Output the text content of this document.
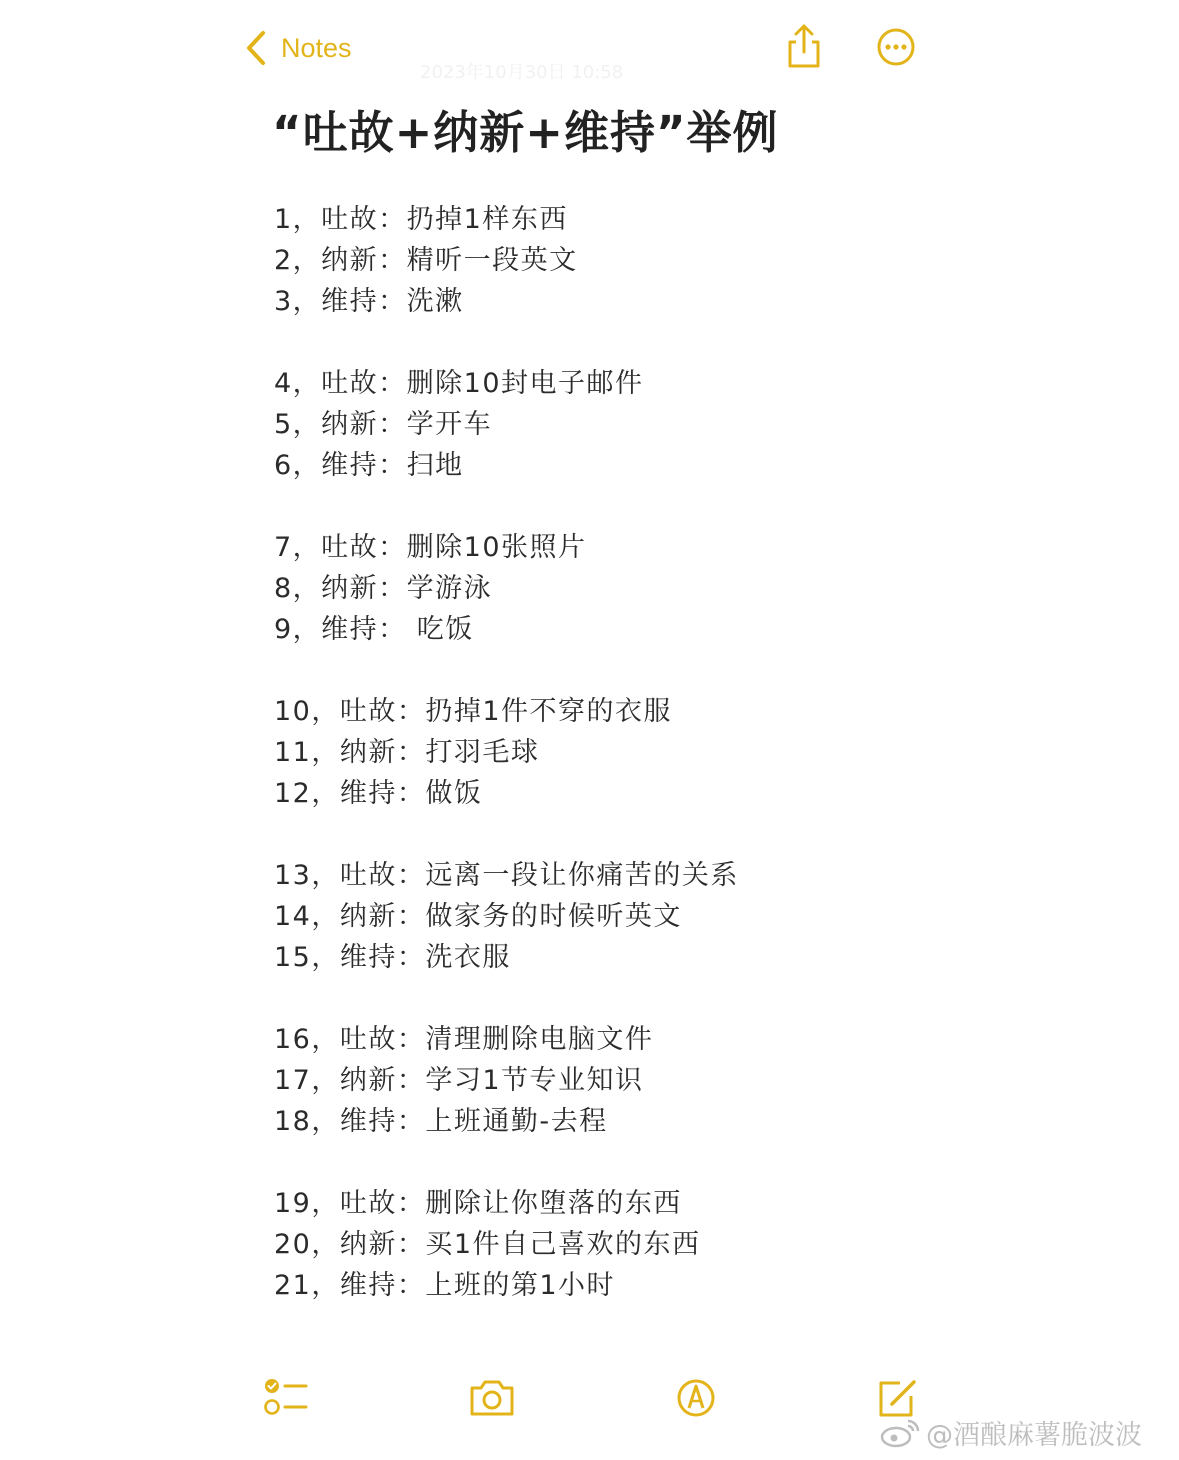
Notes
2023年10月30日 10:58
“吐故+纳新+维持”举例
1，吐故：扔掉1样东西
2，纳新：精听一段英文
3，维持：洗漱
4，吐故：删除10封电子邮件
5，纳新：学开车
6，维持：扫地
7，吐故：删除10张照片
8，纳新：学游泳
9，维持： 吃饭
10，吐故：扔掉1件不穿的衣服
11，纳新：打羽毛球
12，维持：做饭
13，吐故：远离一段让你痛苦的关系
14，纳新：做家务的时候听英文
15，维持：洗衣服
16，吐故：清理删除电脑文件
17，纳新：学习1节专业知识
18，维持：上班通勤-去程
19，吐故：删除让你堕落的东西
20，纳新：买1件自己喜欢的东西
21，维持：上班的第1小时
@酒酿麻薯脆波波
